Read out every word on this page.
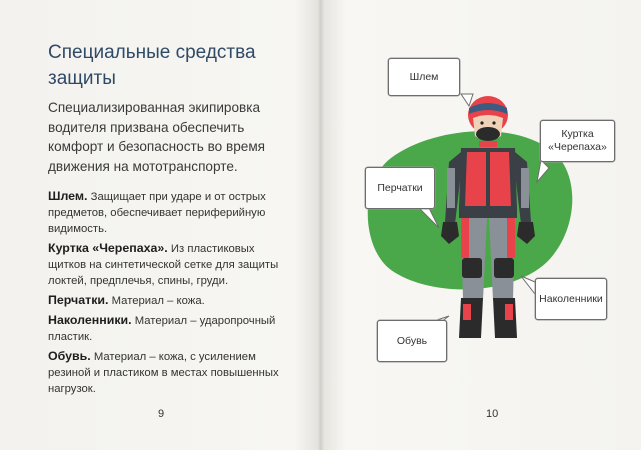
Специальные средства защиты

Специализированная экипировка водителя призвана обеспечить комфорт и безопасность во время движения на мототранспорте.

Шлем. Защищает при ударе и от острых предметов, обеспечивает периферийную видимость.

Куртка «Черепаха». Из пластиковых щитков на синтетической сетке для защиты локтей, предплечья, спины, груди.

Перчатки. Материал – кожа.

Наколенники. Материал – ударопрочный пластик.

Обувь. Материал – кожа, с усилением резиной и пластиком в местах повышенных нагрузок.

9
Шлем
Куртка
«Черепаха»
Перчатки
Наколенники
Обувь
10
